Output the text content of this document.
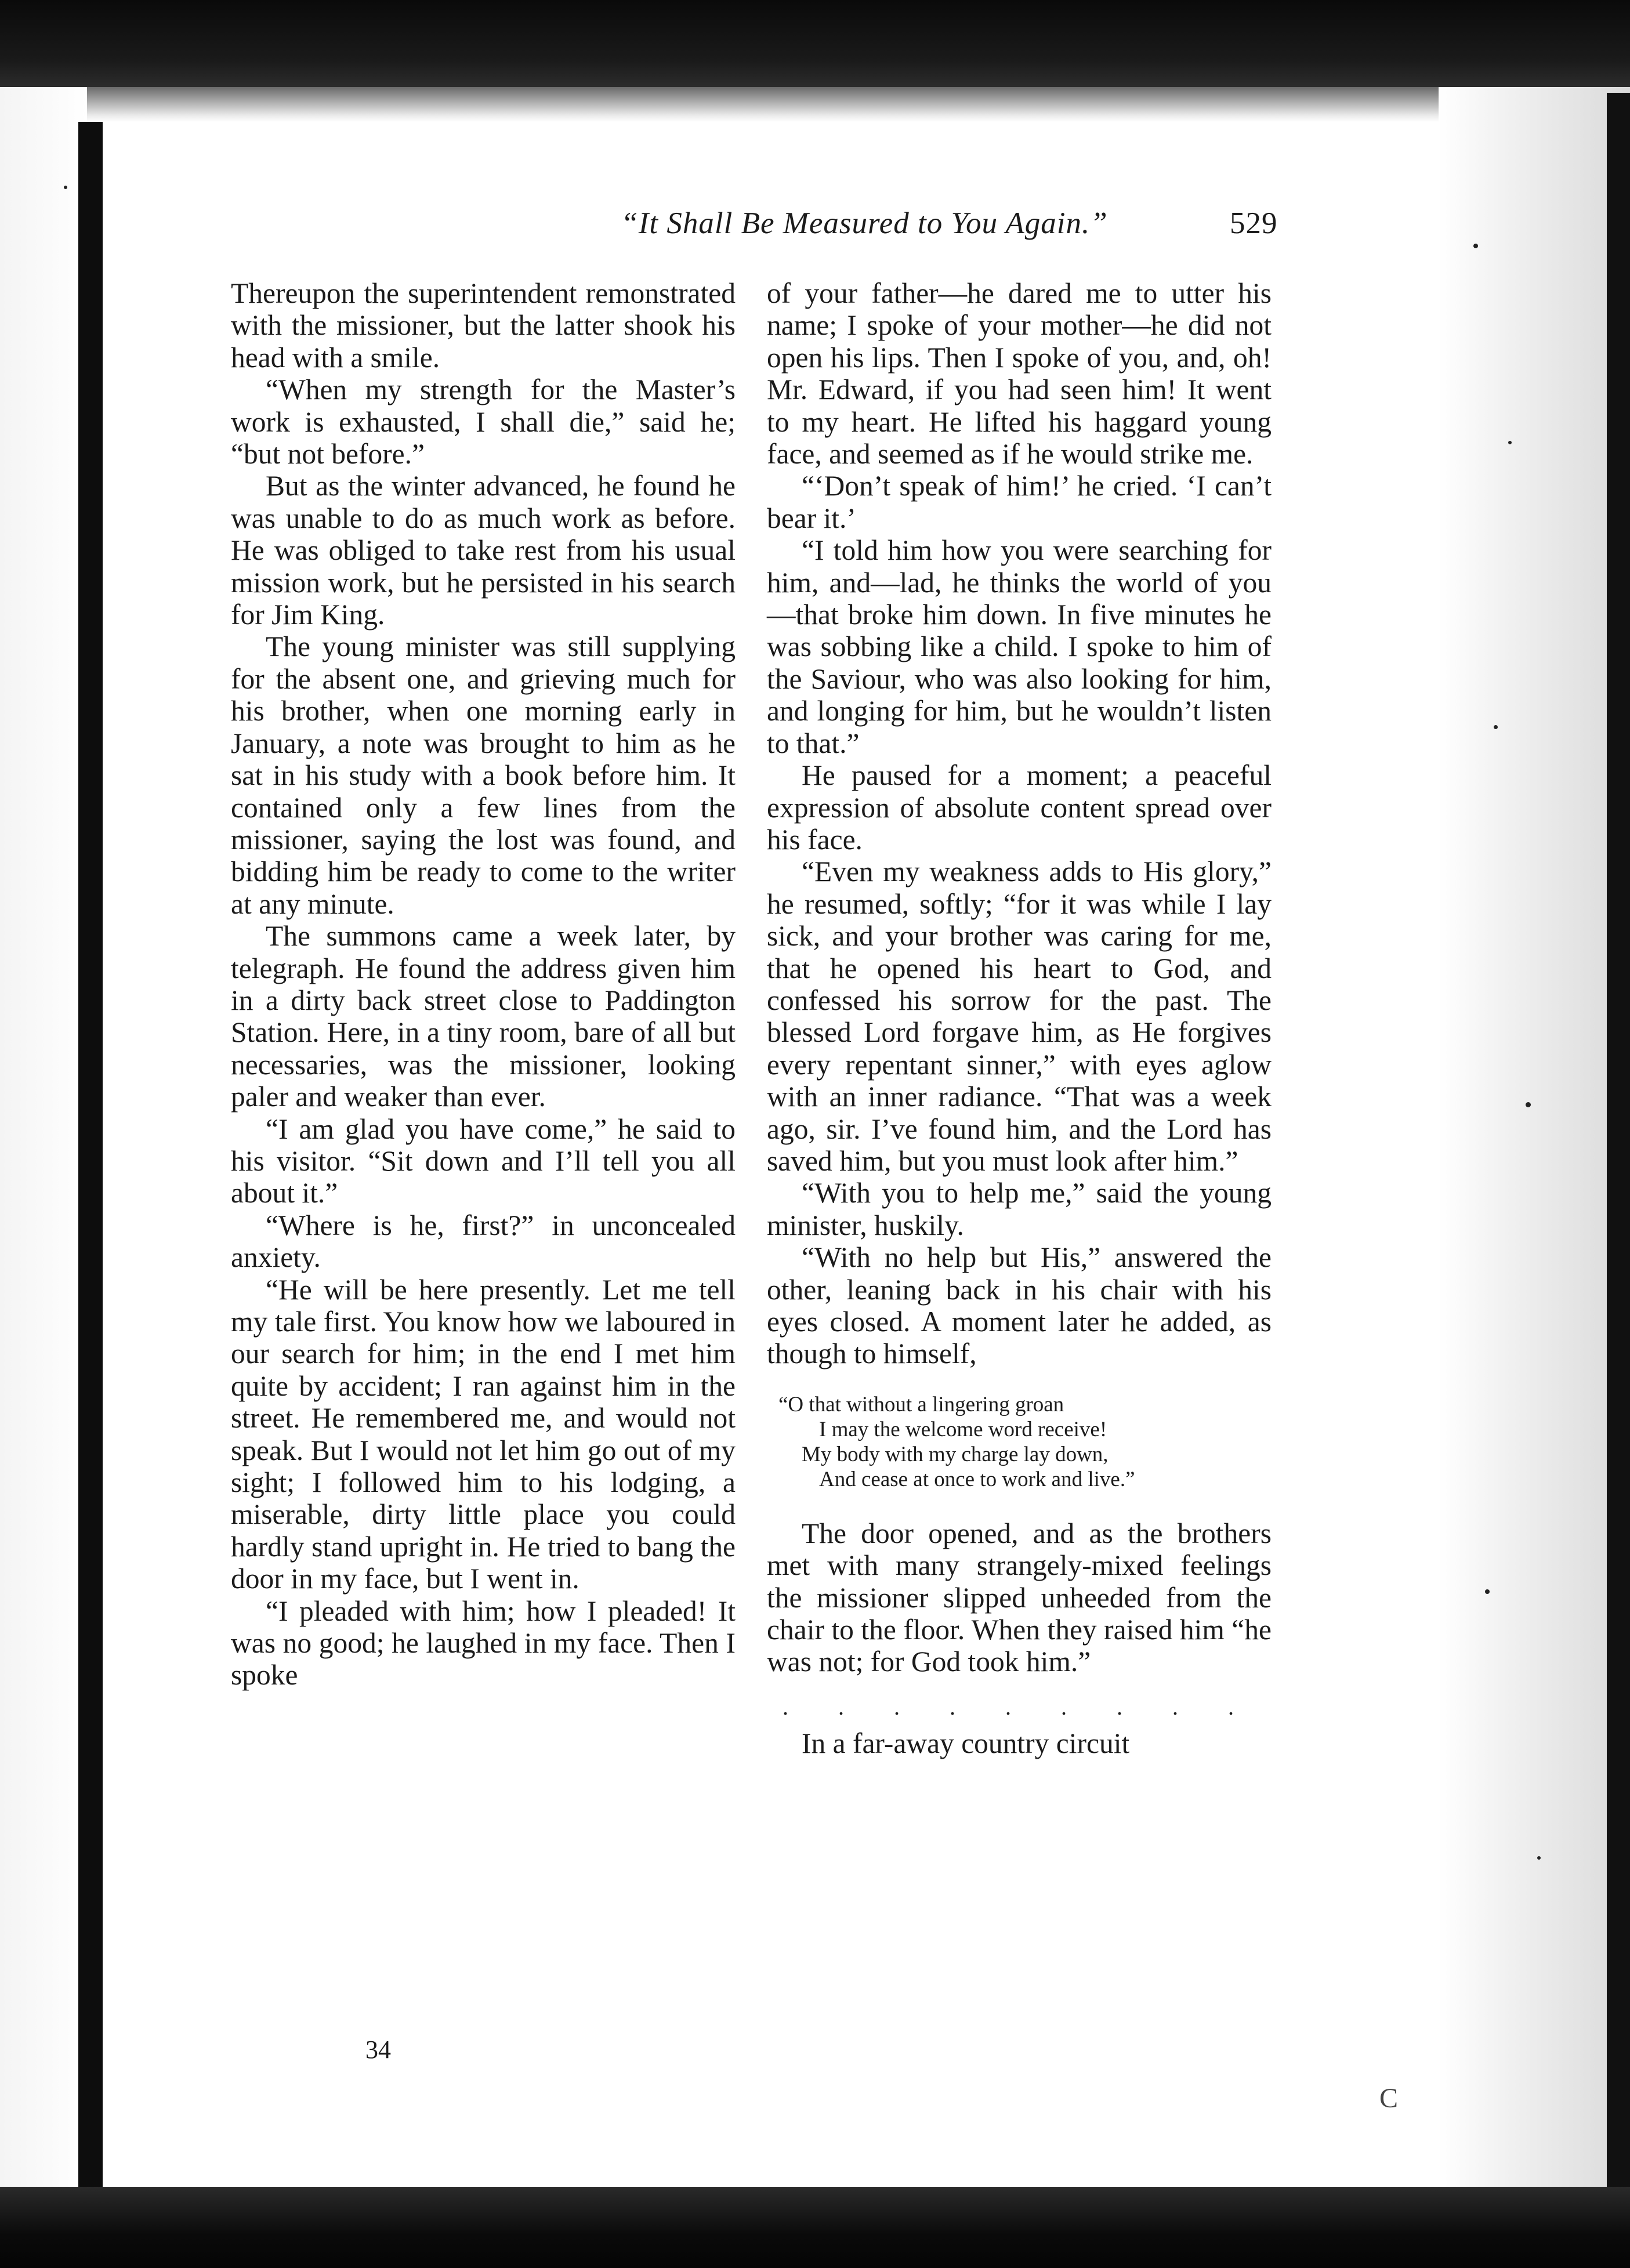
“It Shall Be Measured to You Again.”	529

Thereupon the superintendent remonstrated with the missioner, but the latter shook his head with a smile.

“When my strength for the Master’s work is exhausted, I shall die,” said he; “but not before.”

But as the winter advanced, he found he was unable to do as much work as before. He was obliged to take rest from his usual mission work, but he persisted in his search for Jim King.

The young minister was still supplying for the absent one, and grieving much for his brother, when one morning early in January, a note was brought to him as he sat in his study with a book before him. It contained only a few lines from the missioner, saying the lost was found, and bidding him be ready to come to the writer at any minute.

The summons came a week later, by telegraph. He found the address given him in a dirty back street close to Paddington Station. Here, in a tiny room, bare of all but necessaries, was the missioner, looking paler and weaker than ever.

“I am glad you have come,” he said to his visitor. “Sit down and I’ll tell you all about it.”

“Where is he, first?” in unconcealed anxiety.

“He will be here presently. Let me tell my tale first. You know how we laboured in our search for him; in the end I met him quite by accident; I ran against him in the street. He remembered me, and would not speak. But I would not let him go out of my sight; I followed him to his lodging, a miserable, dirty little place you could hardly stand upright in. He tried to bang the door in my face, but I went in.

“I pleaded with him; how I pleaded! It was no good; he laughed in my face. Then I spoke

of your father—he dared me to utter his name; I spoke of your mother—he did not open his lips. Then I spoke of you, and, oh! Mr. Edward, if you had seen him! It went to my heart. He lifted his haggard young face, and seemed as if he would strike me.

“‘Don’t speak of him!’ he cried. ‘I can’t bear it.’

“I told him how you were searching for him, and—lad, he thinks the world of you—that broke him down. In five minutes he was sobbing like a child. I spoke to him of the Saviour, who was also looking for him, and longing for him, but he wouldn’t listen to that.”

He paused for a moment; a peaceful expression of absolute content spread over his face.

“Even my weakness adds to His glory,” he resumed, softly; “for it was while I lay sick, and your brother was caring for me, that he opened his heart to God, and confessed his sorrow for the past. The blessed Lord forgave him, as He forgives every repentant sinner,” with eyes aglow with an inner radiance. “That was a week ago, sir. I’ve found him, and the Lord has saved him, but you must look after him.”

“With you to help me,” said the young minister, huskily.

“With no help but His,” answered the other, leaning back in his chair with his eyes closed. A moment later he added, as though to himself,

“O that without a lingering groan
I may the welcome word receive!
My body with my charge lay down,
And cease at once to work and live.”

The door opened, and as the brothers met with many strangely-mixed feelings the missioner slipped unheeded from the chair to the floor. When they raised him “he was not; for God took him.”

. . . . . . . . .

In a far-away country circuit

34
C
